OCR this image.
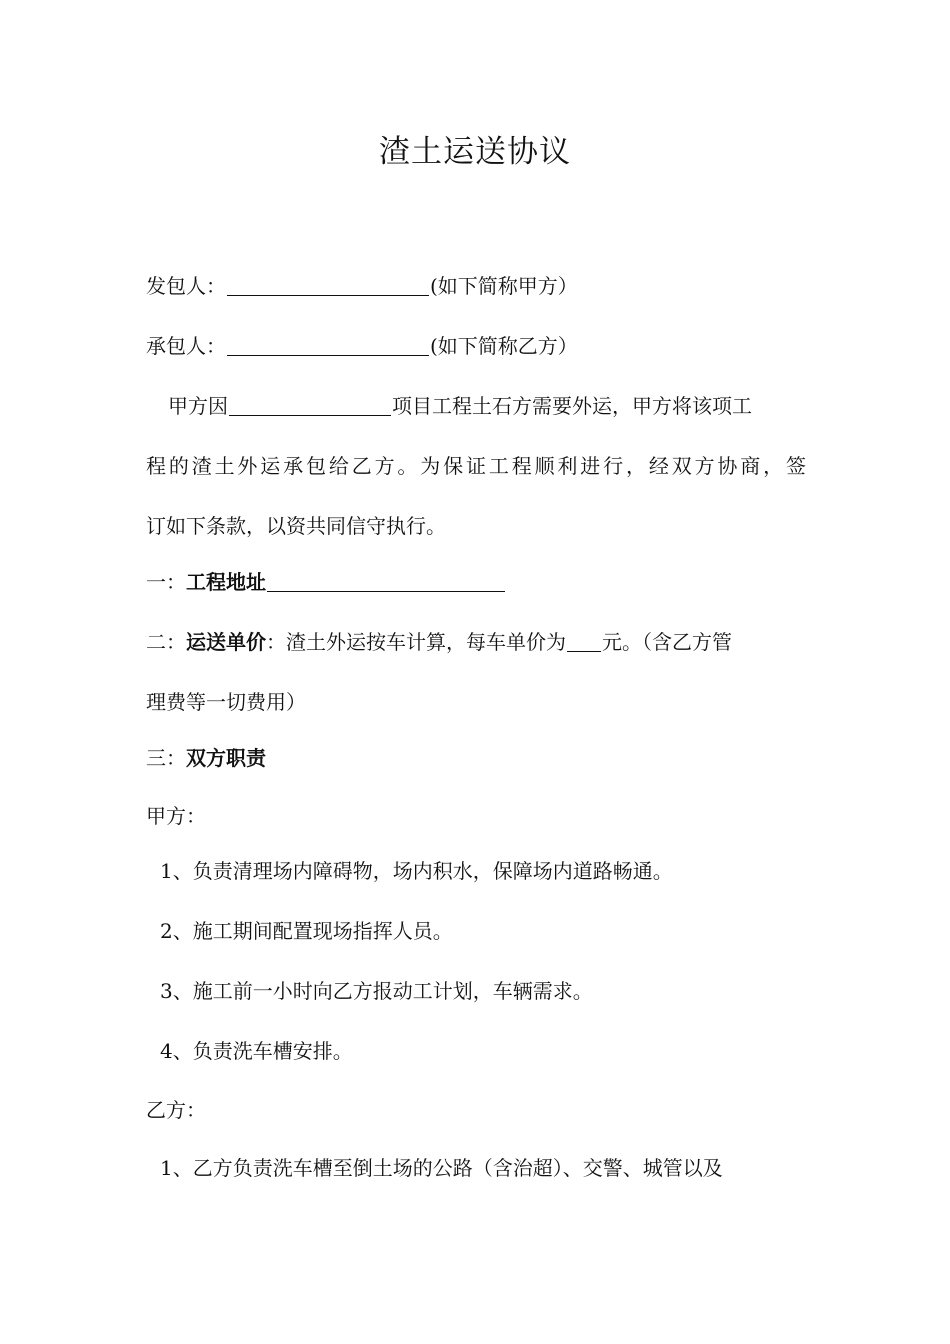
渣土运送协议
发包人：	(如下简称甲方）
承包人：	(如下简称乙方）
甲方因	项目工程土石方需要外运，甲方将该项工
程的渣土外运承包给乙方。为保证工程顺利进行，经双方协商，签
订如下条款，以资共同信守执行。
一：工程地址
二：运送单价：渣土外运按车计算，每车单价为 元。（含乙方管
理费等一切费用）
三：双方职责
甲方：
1、负责清理场内障碍物，场内积水，保障场内道路畅通。
2、施工期间配置现场指挥人员。
3、施工前一小时向乙方报动工计划，车辆需求。
4、负责洗车槽安排。
乙方：
1、乙方负责洗车槽至倒土场的公路（含治超）、交警、城管以及
